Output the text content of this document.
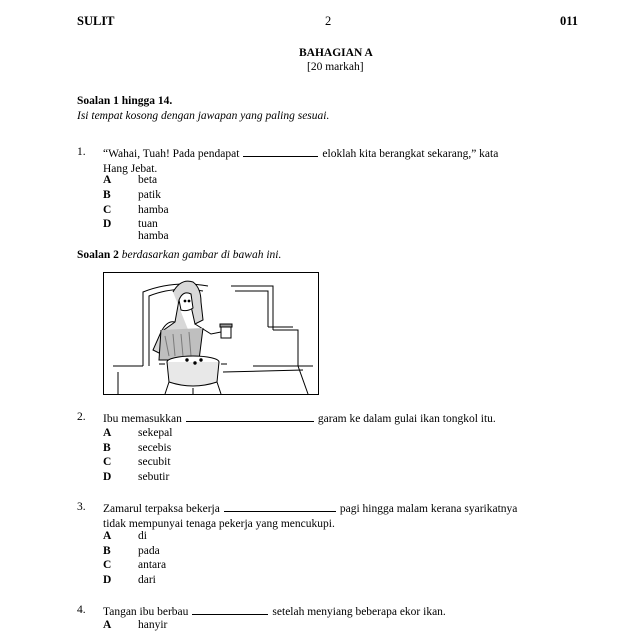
SULIT	2	011
BAHAGIAN A
[20 markah]
Soalan 1 hingga 14.
Isi tempat kosong dengan jawapan yang paling sesuai.
1. “Wahai, Tuah! Pada pendapat	eloklah kita berangkat sekarang,” kata
Hang Jebat.
A beta
B patik
C hamba
D tuan hamba
Soalan 2 berdasarkan gambar di bawah ini.
2. Ibu memasukkan	garam ke dalam gulai ikan tongkol itu.
A sekepal
B secebis
C secubit
D sebutir
3. Zamarul terpaksa bekerja	pagi hingga malam kerana syarikatnya
tidak mempunyai tenaga pekerja yang mencukupi.
A di
B pada
C antara
D dari
4. Tangan ibu berbau	setelah menyiang beberapa ekor ikan.
A hanyir
